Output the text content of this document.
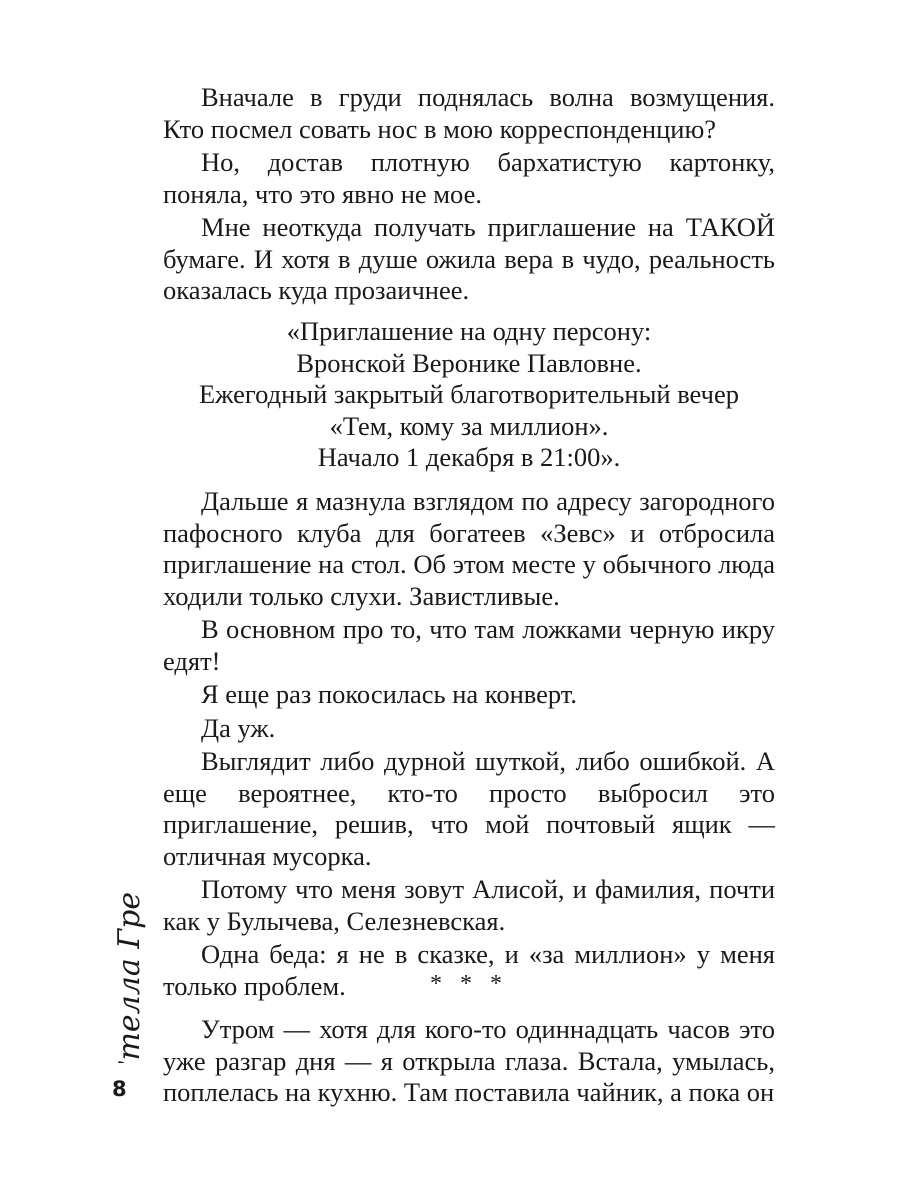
Вначале в груди поднялась волна возмущения. Кто посмел совать нос в мою корреспонденцию?

Но, достав плотную бархатистую картонку, поняла, что это явно не мое.

Мне неоткуда получать приглашение на ТАКОЙ бумаге. И хотя в душе ожила вера в чудо, реальность оказалась куда прозаичнее.

«Приглашение на одну персону:

Вронской Веронике Павловне.

Ежегодный закрытый благотворительный вечер

«Тем, кому за миллион».

Начало 1 декабря в 21:00».

Дальше я мазнула взглядом по адресу загородного пафосного клуба для богатеев «Зевс» и отбросила приглашение на стол. Об этом месте у обычного люда ходили только слухи. Завистливые.

В основном про то, что там ложками черную икру едят!

Я еще раз покосилась на конверт.

Да уж.

Выглядит либо дурной шуткой, либо ошибкой. А еще вероятнее, кто-то просто выбросил это приглашение, решив, что мой почтовый ящик — отличная мусорка.

Потому что меня зовут Алисой, и фамилия, почти как у Булычева, Селезневская.

Одна беда: я не в сказке, и «за миллион» у меня только проблем.	* * *

Утром — хотя для кого-то одиннадцать часов это уже разгар дня — я открыла глаза. Встала, умылась, поплелась на кухню. Там поставила чайник, а пока он

Стелла Грей
8
